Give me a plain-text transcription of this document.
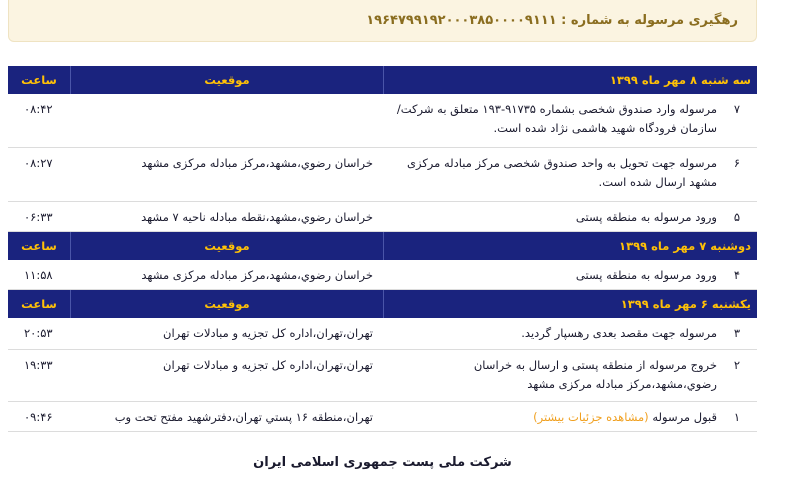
رهگیری مرسوله به شماره : ۱۹۶۴۷۹۹۱۹۲۰۰۰۳۸۵۰۰۰۰۹۱۱۱
سه شنبه ۸ مهر ماه ۱۳۹۹
موقعیت
ساعت
۷
مرسوله وارد صندوق شخصی بشماره ۹۱۷۳۵-۱۹۳ متعلق به شرکت/سازمان فرودگاه شهید هاشمی نژاد شده است.
۰۸:۴۲
۶
مرسوله جهت تحویل به واحد صندوق شخصی مرکز مبادله مرکزی مشهد ارسال شده است.
خراسان رضوي،مشهد،مرکز مبادله مرکزی مشهد
۰۸:۲۷
۵
ورود مرسوله به منطقه پستی
خراسان رضوي،مشهد،نقطه مبادله ناحيه ۷ مشهد
۰۶:۳۳
دوشنبه ۷ مهر ماه ۱۳۹۹
موقعیت
ساعت
۴
ورود مرسوله به منطقه پستی
خراسان رضوي،مشهد،مرکز مبادله مرکزی مشهد
۱۱:۵۸
يکشنبه ۶ مهر ماه ۱۳۹۹
موقعیت
ساعت
۳
مرسوله جهت مقصد بعدی رهسپار گردید.
تهران،تهران،اداره کل تجزيه و مبادلات تهران
۲۰:۵۳
۲
خروج مرسوله از منطقه پستی و ارسال به خراسان رضوي،مشهد،مرکز مبادله مرکزی مشهد
تهران،تهران،اداره کل تجزيه و مبادلات تهران
۱۹:۳۳
۱
قبول مرسوله (مشاهده جزئیات بیشتر)
تهران،منطقه ۱۶ پستي تهران،دفترشهيد مفتح تحت وب
۰۹:۴۶
شرکت ملی پست جمهوری اسلامی ایران
